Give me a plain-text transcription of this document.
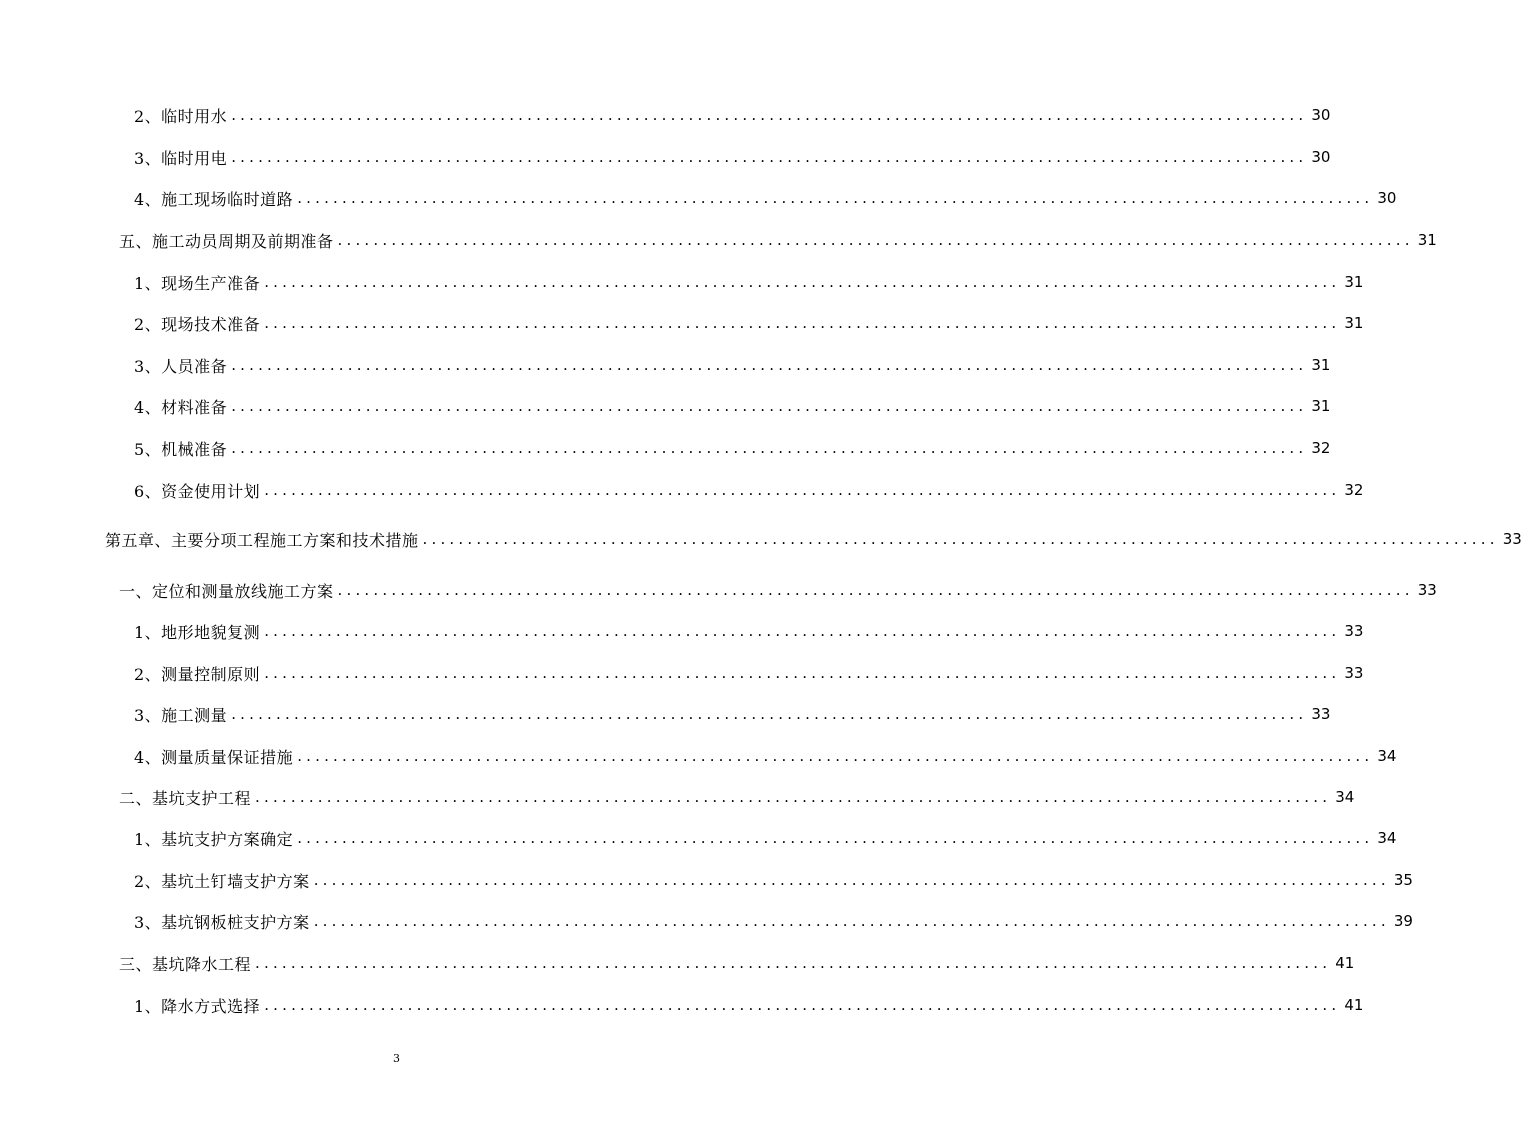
2、临时用水 ........................................................................................................................ 30
3、临时用电 ........................................................................................................................ 30
4、施工现场临时道路 ........................................................................................................................ 30
五、施工动员周期及前期准备 ........................................................................................................................ 31
1、现场生产准备 ........................................................................................................................ 31
2、现场技术准备 ........................................................................................................................ 31
3、人员准备 ........................................................................................................................ 31
4、材料准备 ........................................................................................................................ 31
5、机械准备 ........................................................................................................................ 32
6、资金使用计划 ........................................................................................................................ 32
第五章、主要分项工程施工方案和技术措施 ........................................................................................................................ 33
一、定位和测量放线施工方案 ........................................................................................................................ 33
1、地形地貌复测 ........................................................................................................................ 33
2、测量控制原则 ........................................................................................................................ 33
3、施工测量 ........................................................................................................................ 33
4、测量质量保证措施 ........................................................................................................................ 34
二、基坑支护工程 ........................................................................................................................ 34
1、基坑支护方案确定 ........................................................................................................................ 34
2、基坑土钉墙支护方案 ........................................................................................................................ 35
3、基坑钢板桩支护方案 ........................................................................................................................ 39
三、基坑降水工程 ........................................................................................................................ 41
1、降水方式选择 ........................................................................................................................ 41
3
